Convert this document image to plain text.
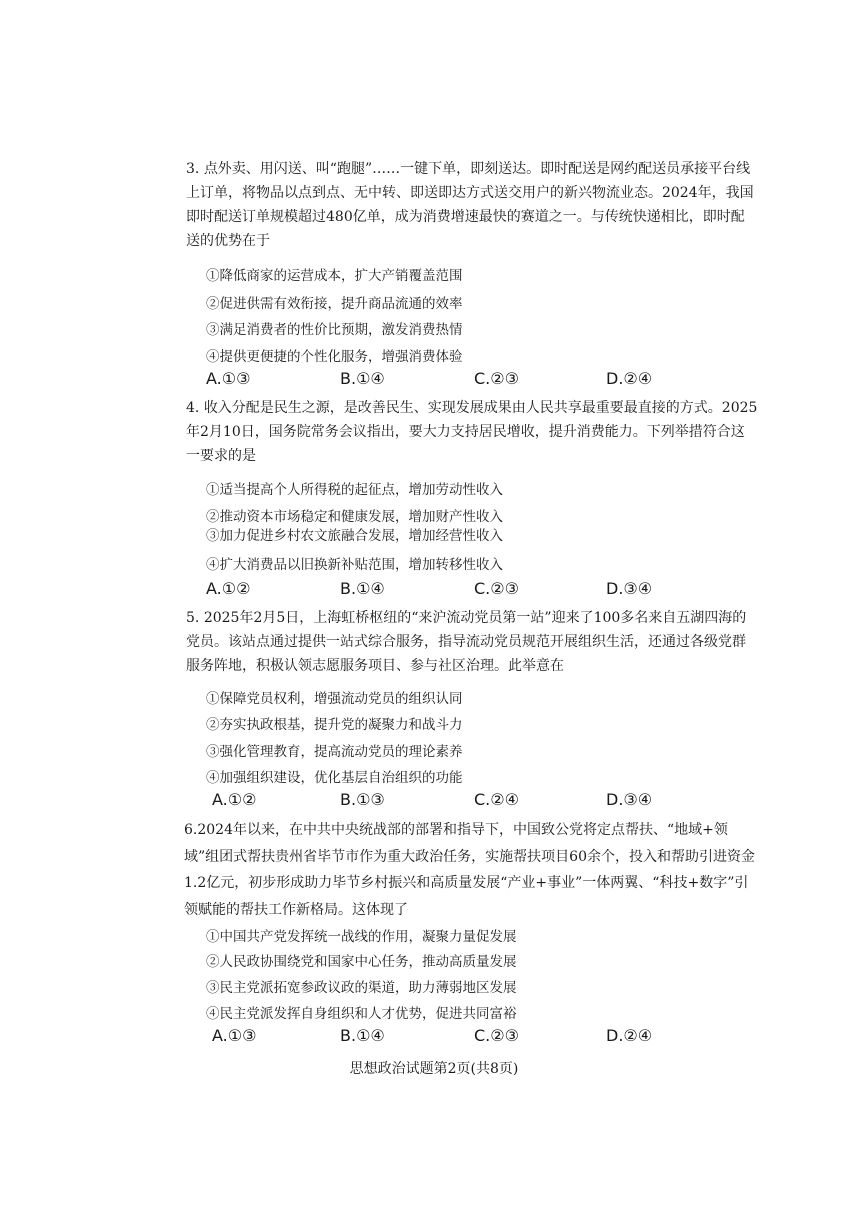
3. 点外卖、用闪送、叫“跑腿”……一键下单，即刻送达。即时配送是网约配送员承接平台线上订单，将物品以点到点、无中转、即送即达方式送交用户的新兴物流业态。2024年，我国即时配送订单规模超过480亿单，成为消费增速最快的赛道之一。与传统快递相比，即时配送的优势在于

①降低商家的运营成本，扩大产销覆盖范围
②促进供需有效衔接，提升商品流通的效率
③满足消费者的性价比预期，激发消费热情
④提供更便捷的个性化服务，增强消费体验
A.①③	B.①④	C.②③	D.②④

4. 收入分配是民生之源，是改善民生、实现发展成果由人民共享最重要最直接的方式。2025年2月10日，国务院常务会议指出，要大力支持居民增收，提升消费能力。下列举措符合这一要求的是

①适当提高个人所得税的起征点，增加劳动性收入
②推动资本市场稳定和健康发展，增加财产性收入
③加力促进乡村农文旅融合发展，增加经营性收入
④扩大消费品以旧换新补贴范围，增加转移性收入
A.①②	B.①④	C.②③	D.③④

5. 2025年2月5日，上海虹桥枢纽的“来沪流动党员第一站”迎来了100多名来自五湖四海的党员。该站点通过提供一站式综合服务，指导流动党员规范开展组织生活，还通过各级党群服务阵地，积极认领志愿服务项目、参与社区治理。此举意在

①保障党员权利，增强流动党员的组织认同
②夯实执政根基，提升党的凝聚力和战斗力
③强化管理教育，提高流动党员的理论素养
④加强组织建设，优化基层自治组织的功能
A.①②	B.①③	C.②④	D.③④

6.2024年以来，在中共中央统战部的部署和指导下，中国致公党将定点帮扶、“地域+领域”组团式帮扶贵州省毕节市作为重大政治任务，实施帮扶项目60余个，投入和帮助引进资金1.2亿元，初步形成助力毕节乡村振兴和高质量发展“产业+事业”一体两翼、“科技+数字”引领赋能的帮扶工作新格局。这体现了

①中国共产党发挥统一战线的作用，凝聚力量促发展
②人民政协围绕党和国家中心任务，推动高质量发展
③民主党派拓宽参政议政的渠道，助力薄弱地区发展
④民主党派发挥自身组织和人才优势，促进共同富裕
A.①③	B.①④	C.②③	D.②④
思想政治试题第2页(共8页)
